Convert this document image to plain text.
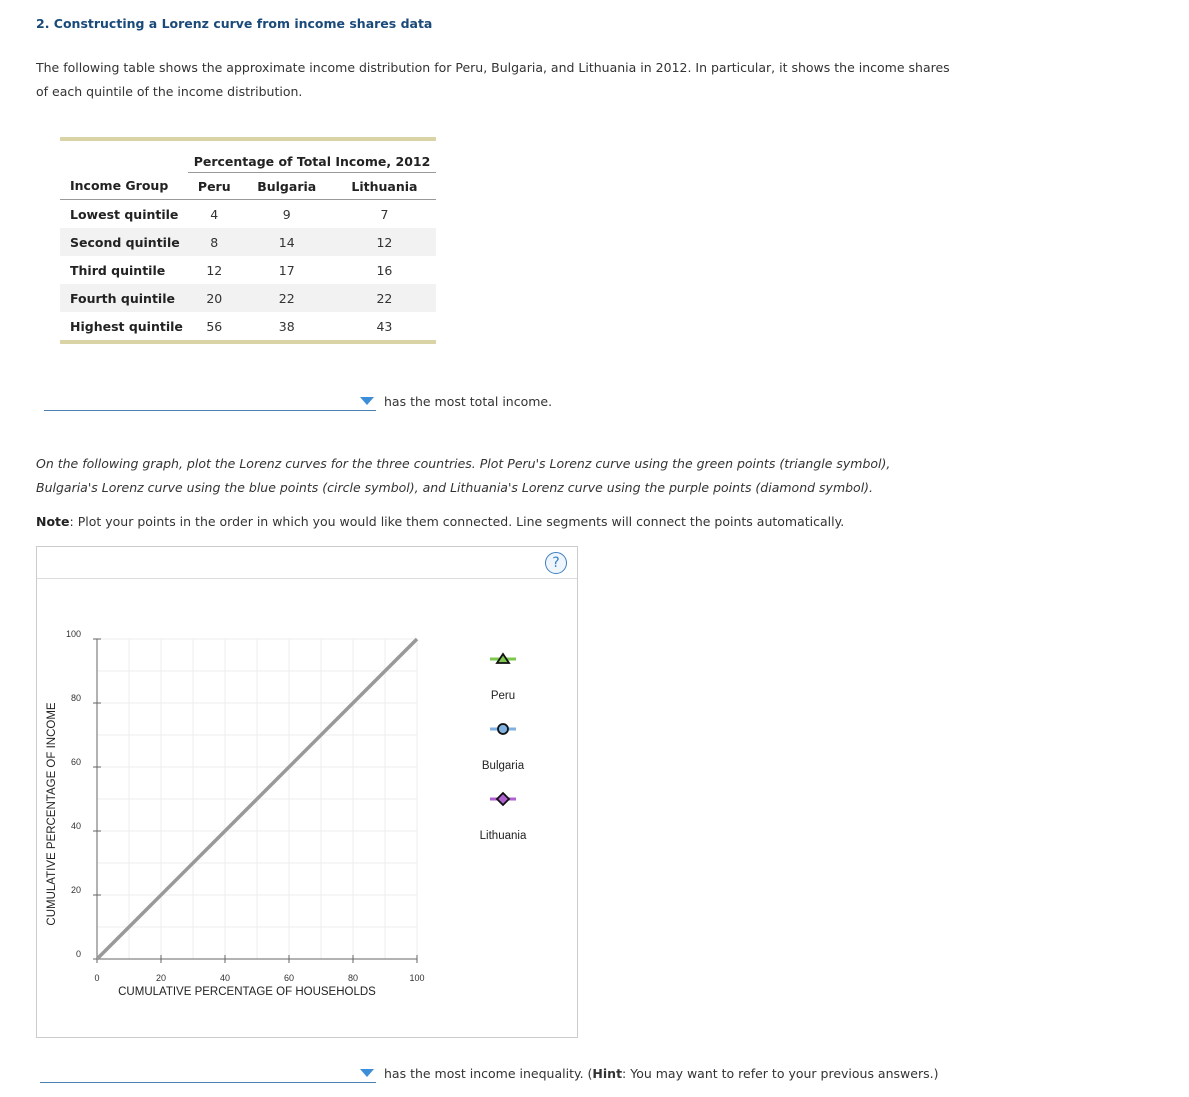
2. Constructing a Lorenz curve from income shares data
The following table shows the approximate income distribution for Peru, Bulgaria, and Lithuania in 2012. In particular, it shows the income shares of each quintile of the income distribution.
	Percentage of Total Income, 2012		
Income Group	Peru	Bulgaria	Lithuania
Lowest quintile	4	9	7
Second quintile	8	14	12
Third quintile	12	17	16
Fourth quintile	20	22	22
Highest quintile	56	38	43
has the most total income.
On the following graph, plot the Lorenz curves for the three countries. Plot Peru's Lorenz curve using the green points (triangle symbol), Bulgaria's Lorenz curve using the blue points (circle symbol), and Lithuania's Lorenz curve using the purple points (diamond symbol).
Note: Plot your points in the order in which you would like them connected. Line segments will connect the points automatically.
?
0	20	40	60	80	100
0
20
40
60
80
100
CUMULATIVE PERCENTAGE OF HOUSEHOLDS
CUMULATIVE PERCENTAGE OF INCOME
Peru
Bulgaria
Lithuania
has the most income inequality. (Hint: You may want to refer to your previous answers.)
